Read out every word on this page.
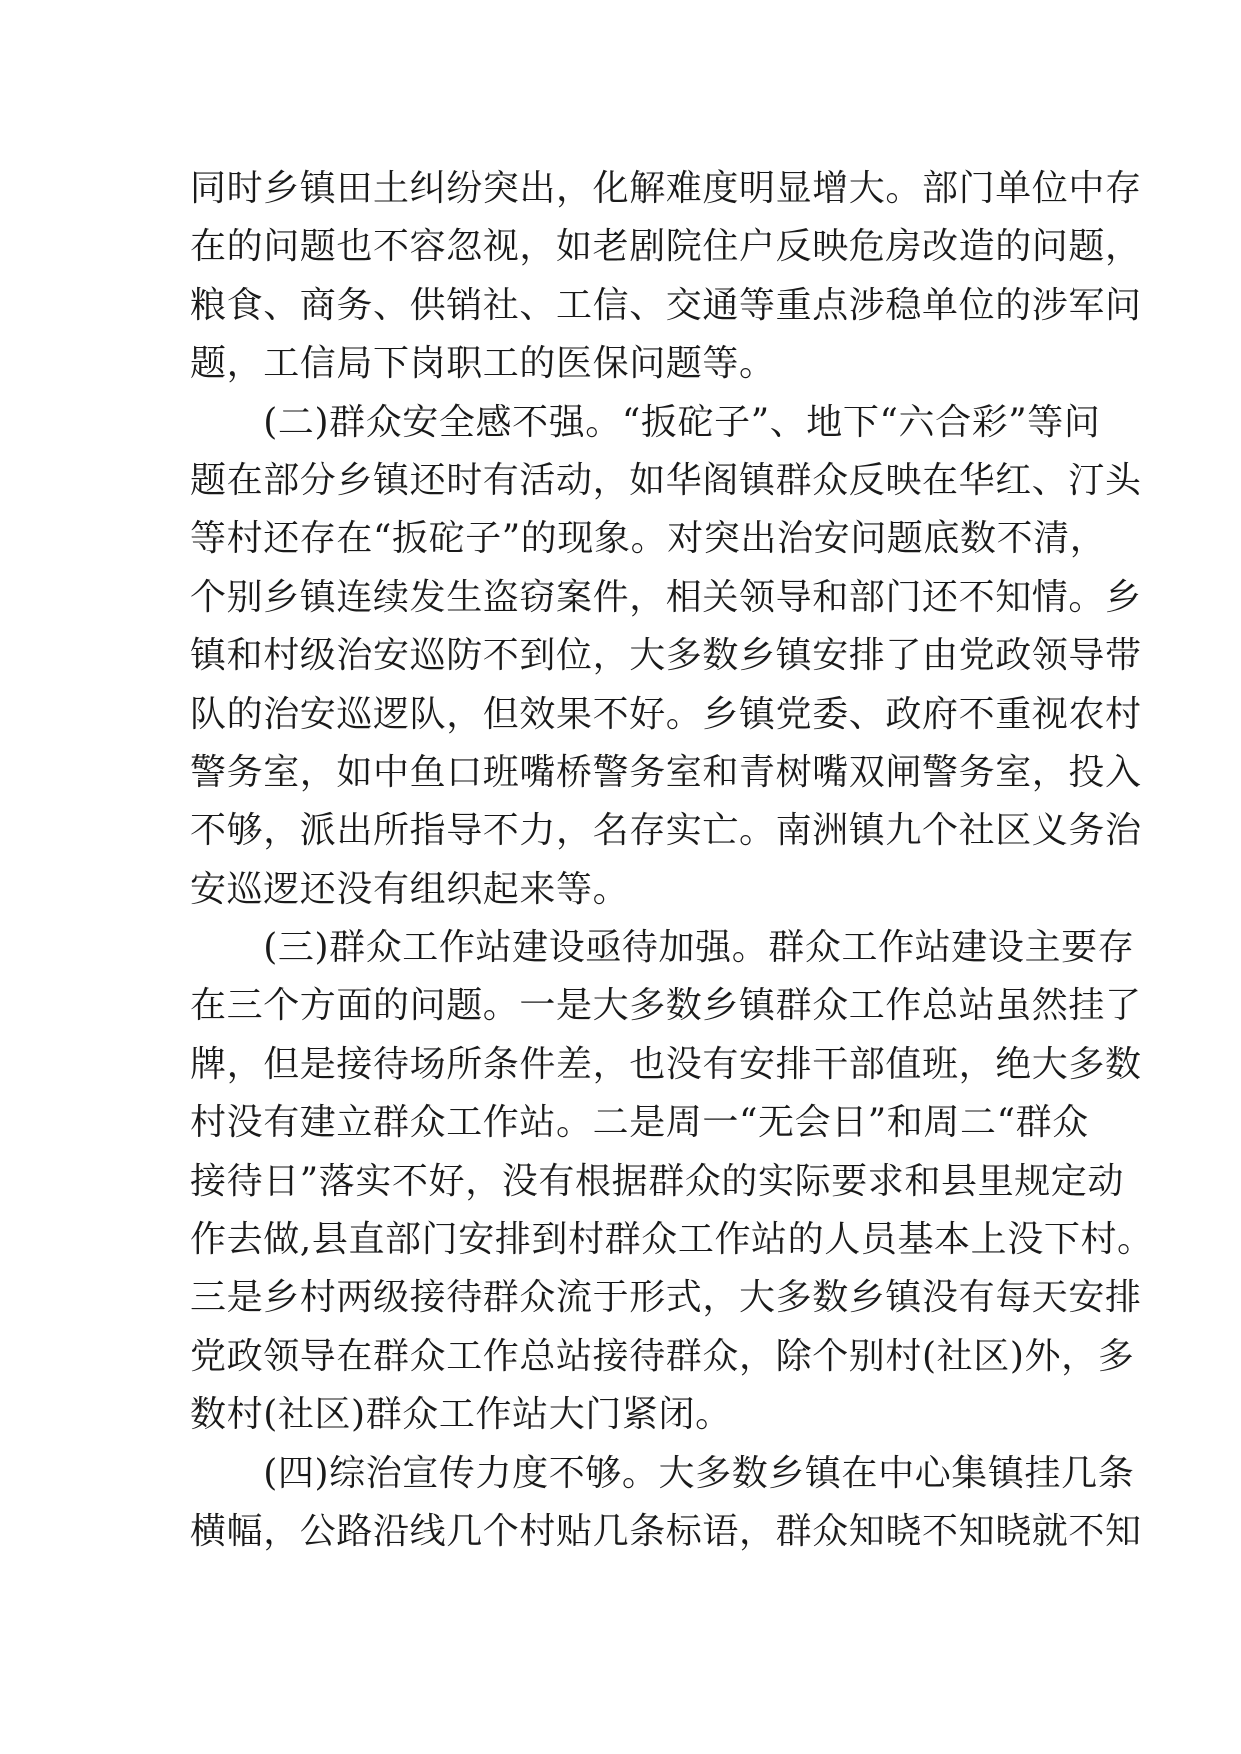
同时乡镇田土纠纷突出，化解难度明显增大。部门单位中存
在的问题也不容忽视，如老剧院住户反映危房改造的问题，
粮食、商务、供销社、工信、交通等重点涉稳单位的涉军问
题，工信局下岗职工的医保问题等。
　　(二)群众安全感不强。“扳砣子”、地下“六合彩”等问
题在部分乡镇还时有活动，如华阁镇群众反映在华红、汀头
等村还存在“扳砣子”的现象。对突出治安问题底数不清，
个别乡镇连续发生盗窃案件，相关领导和部门还不知情。乡
镇和村级治安巡防不到位，大多数乡镇安排了由党政领导带
队的治安巡逻队，但效果不好。乡镇党委、政府不重视农村
警务室，如中鱼口班嘴桥警务室和青树嘴双闸警务室，投入
不够，派出所指导不力，名存实亡。南洲镇九个社区义务治
安巡逻还没有组织起来等。
　　(三)群众工作站建设亟待加强。群众工作站建设主要存
在三个方面的问题。一是大多数乡镇群众工作总站虽然挂了
牌，但是接待场所条件差，也没有安排干部值班，绝大多数
村没有建立群众工作站。二是周一“无会日”和周二“群众
接待日”落实不好，没有根据群众的实际要求和县里规定动
作去做,县直部门安排到村群众工作站的人员基本上没下村。
三是乡村两级接待群众流于形式，大多数乡镇没有每天安排
党政领导在群众工作总站接待群众，除个别村(社区)外，多
数村(社区)群众工作站大门紧闭。
　　(四)综治宣传力度不够。大多数乡镇在中心集镇挂几条
横幅，公路沿线几个村贴几条标语，群众知晓不知晓就不知
